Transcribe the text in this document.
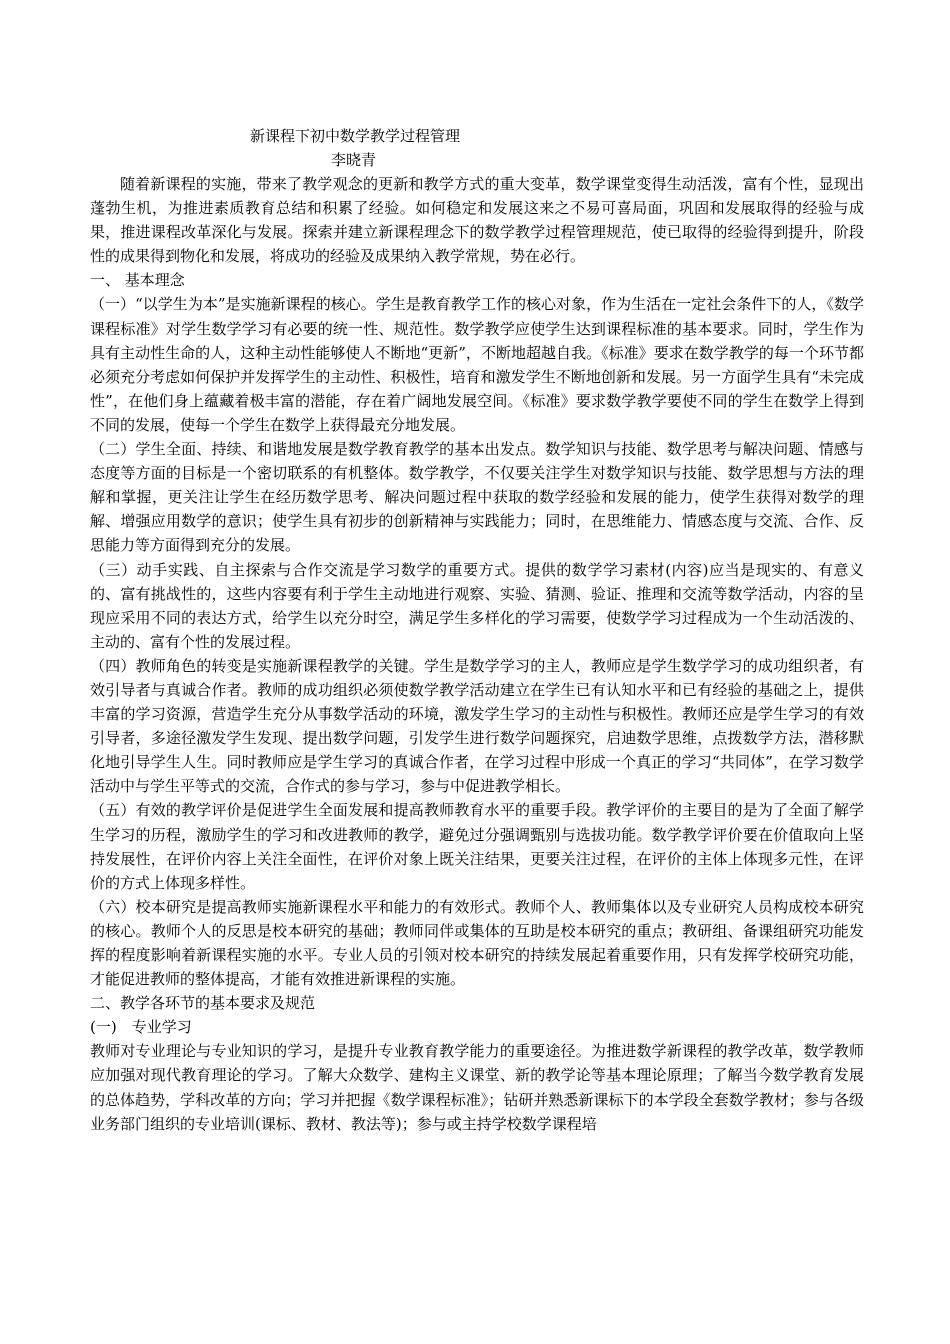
新课程下初中数学教学过程管理

李晓青

随着新课程的实施，带来了教学观念的更新和教学方式的重大变革，数学课堂变得生动活泼，富有个性，显现出蓬勃生机，为推进素质教育总结和积累了经验。如何稳定和发展这来之不易可喜局面，巩固和发展取得的经验与成果，推进课程改革深化与发展。探索并建立新课程理念下的数学教学过程管理规范，使已取得的经验得到提升，阶段性的成果得到物化和发展，将成功的经验及成果纳入教学常规，势在必行。

一、 基本理念

（一）“以学生为本”是实施新课程的核心。学生是教育教学工作的核心对象，作为生活在一定社会条件下的人，《数学课程标准》对学生数学学习有必要的统一性、规范性。数学教学应使学生达到课程标准的基本要求。同时，学生作为具有主动性生命的人，这种主动性能够使人不断地“更新”，不断地超越自我。《标准》要求在数学教学的每一个环节都必须充分考虑如何保护并发挥学生的主动性、积极性，培育和激发学生不断地创新和发展。另一方面学生具有“未完成性”，在他们身上蕴藏着极丰富的潜能，存在着广阔地发展空间。《标准》要求数学教学要使不同的学生在数学上得到不同的发展，使每一个学生在数学上获得最充分地发展。

（二）学生全面、持续、和谐地发展是数学教育教学的基本出发点。数学知识与技能、数学思考与解决问题、情感与态度等方面的目标是一个密切联系的有机整体。数学教学，不仅要关注学生对数学知识与技能、数学思想与方法的理解和掌握，更关注让学生在经历数学思考、解决问题过程中获取的数学经验和发展的能力，使学生获得对数学的理解、增强应用数学的意识；使学生具有初步的创新精神与实践能力；同时，在思维能力、情感态度与交流、合作、反思能力等方面得到充分的发展。

（三）动手实践、自主探索与合作交流是学习数学的重要方式。提供的数学学习素材(内容)应当是现实的、有意义的、富有挑战性的，这些内容要有利于学生主动地进行观察、实验、猜测、验证、推理和交流等数学活动，内容的呈现应采用不同的表达方式，给学生以充分时空，满足学生多样化的学习需要，使数学学习过程成为一个生动活泼的、主动的、富有个性的发展过程。

（四）教师角色的转变是实施新课程教学的关键。学生是数学学习的主人，教师应是学生数学学习的成功组织者，有效引导者与真诚合作者。教师的成功组织必须使数学教学活动建立在学生已有认知水平和已有经验的基础之上，提供丰富的学习资源，营造学生充分从事数学活动的环境，激发学生学习的主动性与积极性。教师还应是学生学习的有效引导者，多途径激发学生发现、提出数学问题，引发学生进行数学问题探究，启迪数学思维，点拨数学方法，潜移默化地引导学生人生。同时教师应是学生学习的真诚合作者，在学习过程中形成一个真正的学习“共同体”，在学习数学活动中与学生平等式的交流，合作式的参与学习，参与中促进教学相长。

（五）有效的教学评价是促进学生全面发展和提高教师教育水平的重要手段。教学评价的主要目的是为了全面了解学生学习的历程，激励学生的学习和改进教师的教学，避免过分强调甄别与选拔功能。数学教学评价要在价值取向上坚持发展性，在评价内容上关注全面性，在评价对象上既关注结果，更要关注过程，在评价的主体上体现多元性，在评价的方式上体现多样性。

（六）校本研究是提高教师实施新课程水平和能力的有效形式。教师个人、教师集体以及专业研究人员构成校本研究的核心。教师个人的反思是校本研究的基础；教师同伴或集体的互助是校本研究的重点；教研组、备课组研究功能发挥的程度影响着新课程实施的水平。专业人员的引领对校本研究的持续发展起着重要作用，只有发挥学校研究功能，才能促进教师的整体提高，才能有效推进新课程的实施。

二、教学各环节的基本要求及规范

(一)　专业学习

教师对专业理论与专业知识的学习，是提升专业教育教学能力的重要途径。为推进数学新课程的教学改革，数学教师应加强对现代教育理论的学习。了解大众数学、建构主义课堂、新的教学论等基本理论原理；了解当今数学教育发展的总体趋势，学科改革的方向；学习并把握《数学课程标准》；钻研并熟悉新课标下的本学段全套数学教材；参与各级业务部门组织的专业培训(课标、教材、教法等)；参与或主持学校数学课程培
